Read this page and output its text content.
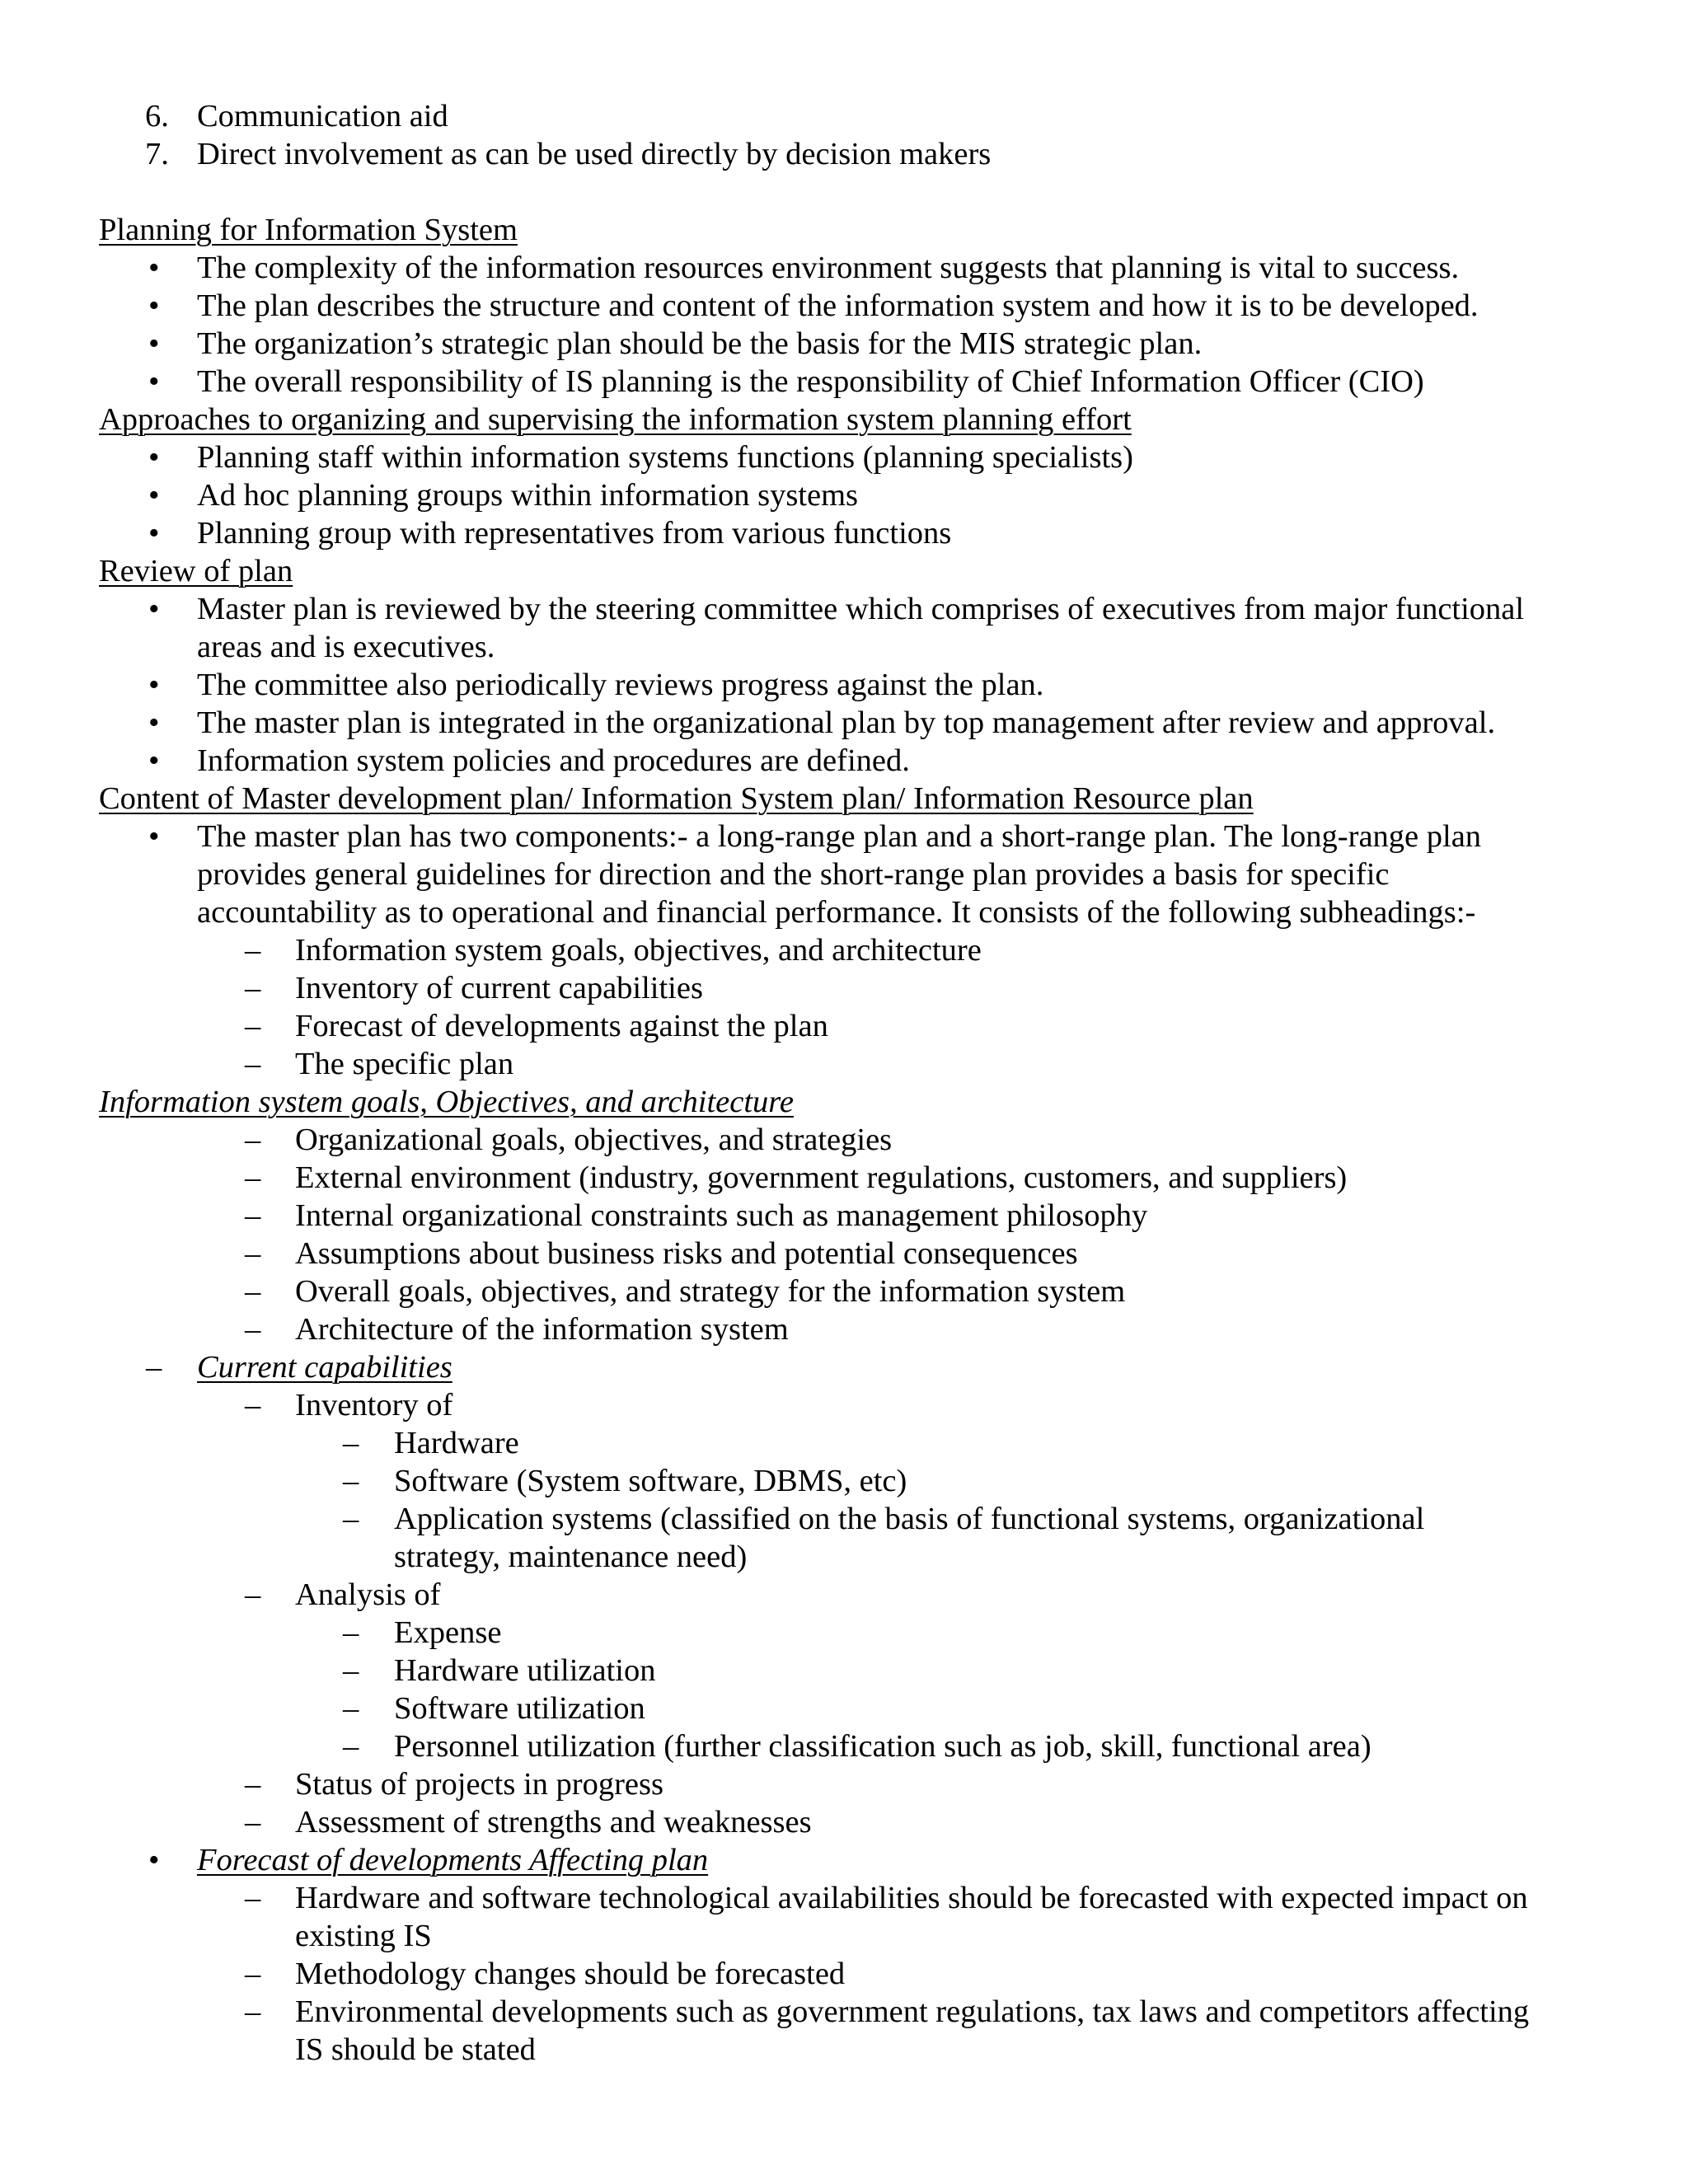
6. Communication aid
7. Direct involvement as can be used directly by decision makers
Planning for Information System
• The complexity of the information resources environment suggests that planning is vital to success.
• The plan describes the structure and content of the information system and how it is to be developed.
• The organization’s strategic plan should be the basis for the MIS strategic plan.
• The overall responsibility of IS planning is the responsibility of Chief Information Officer (CIO)
Approaches to organizing and supervising the information system planning effort
• Planning staff within information systems functions (planning specialists)
• Ad hoc planning groups within information systems
• Planning group with representatives from various functions
Review of plan
• Master plan is reviewed by the steering committee which comprises of executives from major functional
areas and is executives.
• The committee also periodically reviews progress against the plan.
• The master plan is integrated in the organizational plan by top management after review and approval.
• Information system policies and procedures are defined.
Content of Master development plan/ Information System plan/ Information Resource plan
• The master plan has two components:- a long-range plan and a short-range plan. The long-range plan
provides general guidelines for direction and the short-range plan provides a basis for specific
accountability as to operational and financial performance. It consists of the following subheadings:-
– Information system goals, objectives, and architecture
– Inventory of current capabilities
– Forecast of developments against the plan
– The specific plan
Information system goals, Objectives, and architecture
– Organizational goals, objectives, and strategies
– External environment (industry, government regulations, customers, and suppliers)
– Internal organizational constraints such as management philosophy
– Assumptions about business risks and potential consequences
– Overall goals, objectives, and strategy for the information system
– Architecture of the information system
– Current capabilities
– Inventory of
– Hardware
– Software (System software, DBMS, etc)
– Application systems (classified on the basis of functional systems, organizational
strategy, maintenance need)
– Analysis of
– Expense
– Hardware utilization
– Software utilization
– Personnel utilization (further classification such as job, skill, functional area)
– Status of projects in progress
– Assessment of strengths and weaknesses
• Forecast of developments Affecting plan
– Hardware and software technological availabilities should be forecasted with expected impact on
existing IS
– Methodology changes should be forecasted
– Environmental developments such as government regulations, tax laws and competitors affecting
IS should be stated
